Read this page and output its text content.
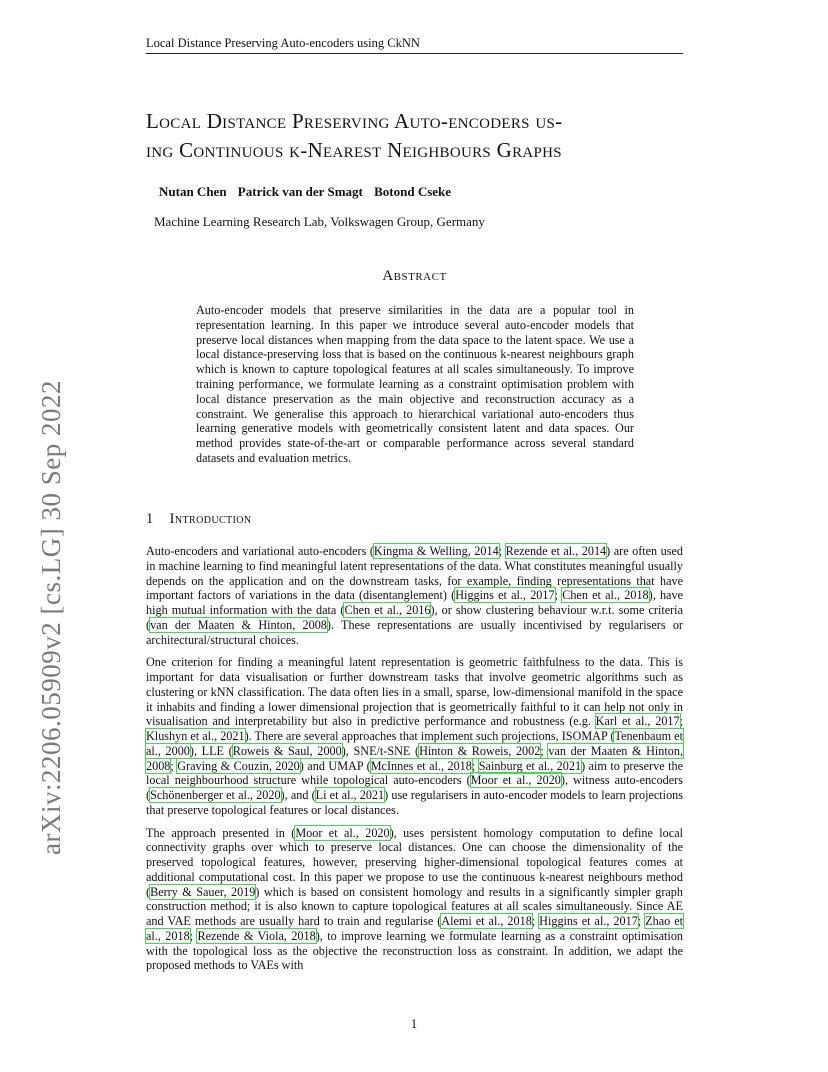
Local Distance Preserving Auto-encoders using CkNN
Local Distance Preserving Auto-encoders us-
ing Continuous k-Nearest Neighbours Graphs
Nutan Chen Patrick van der Smagt Botond Cseke
Machine Learning Research Lab, Volkswagen Group, Germany
Abstract
Auto-encoder models that preserve similarities in the data are a popular tool in representation learning. In this paper we introduce several auto-encoder models that preserve local distances when mapping from the data space to the latent space. We use a local distance-preserving loss that is based on the continuous k-nearest neighbours graph which is known to capture topological features at all scales simultaneously. To improve training performance, we formulate learning as a constraint optimisation problem with local distance preservation as the main objective and reconstruction accuracy as a constraint. We generalise this approach to hierarchical variational auto-encoders thus learning generative models with geometrically consistent latent and data spaces. Our method provides state-of-the-art or comparable performance across several standard datasets and evaluation metrics.
1 Introduction

Auto-encoders and variational auto-encoders (Kingma & Welling, 2014; Rezende et al., 2014) are often used in machine learning to find meaningful latent representations of the data. What constitutes meaningful usually depends on the application and on the downstream tasks, for example, finding representations that have important factors of variations in the data (disentanglement) (Higgins et al., 2017; Chen et al., 2018), have high mutual information with the data (Chen et al., 2016), or show clustering behaviour w.r.t. some criteria (van der Maaten & Hinton, 2008). These representations are usually incentivised by regularisers or architectural/structural choices.

One criterion for finding a meaningful latent representation is geometric faithfulness to the data. This is important for data visualisation or further downstream tasks that involve geometric algorithms such as clustering or kNN classification. The data often lies in a small, sparse, low-dimensional manifold in the space it inhabits and finding a lower dimensional projection that is geometrically faithful to it can help not only in visualisation and interpretability but also in predictive performance and robustness (e.g. Karl et al., 2017; Klushyn et al., 2021). There are several approaches that implement such projections, ISOMAP (Tenenbaum et al., 2000), LLE (Roweis & Saul, 2000), SNE/t-SNE (Hinton & Roweis, 2002; van der Maaten & Hinton, 2008; Graving & Couzin, 2020) and UMAP (McInnes et al., 2018; Sainburg et al., 2021) aim to preserve the local neighbourhood structure while topological auto-encoders (Moor et al., 2020), witness auto-encoders (Schönenberger et al., 2020), and (Li et al., 2021) use regularisers in auto-encoder models to learn projections that preserve topological features or local distances.

The approach presented in (Moor et al., 2020), uses persistent homology computation to define local connectivity graphs over which to preserve local distances. One can choose the dimensionality of the preserved topological features, however, preserving higher-dimensional topological features comes at additional computational cost. In this paper we propose to use the continuous k-nearest neighbours method (Berry & Sauer, 2019) which is based on consistent homology and results in a significantly simpler graph construction method; it is also known to capture topological features at all scales simultaneously. Since AE and VAE methods are usually hard to train and regularise (Alemi et al., 2018; Higgins et al., 2017; Zhao et al., 2018; Rezende & Viola, 2018), to improve learning we formulate learning as a constraint optimisation with the topological loss as the objective the reconstruction loss as constraint. In addition, we adapt the proposed methods to VAEs with

1
arXiv:2206.05909v2 [cs.LG] 30 Sep 2022
